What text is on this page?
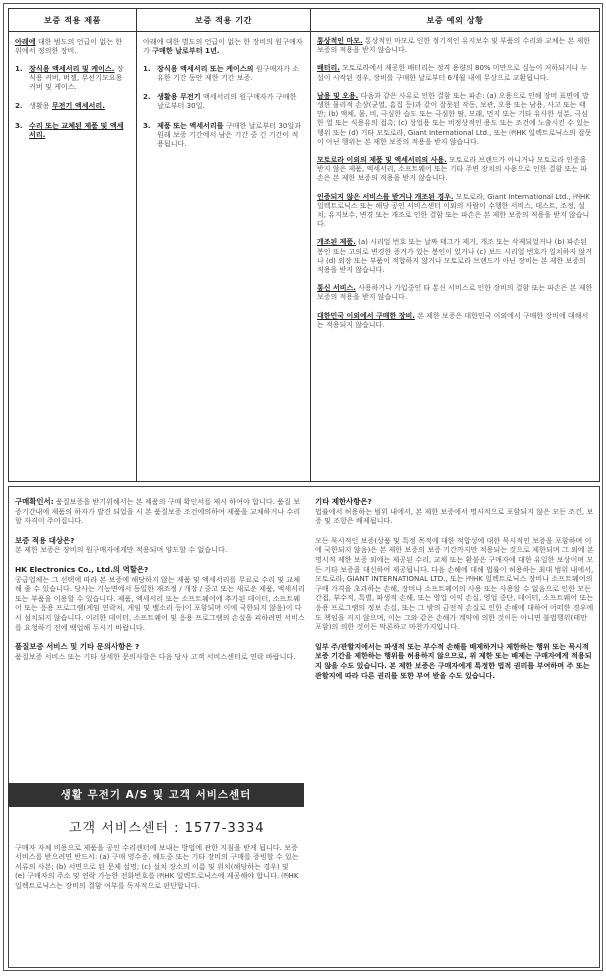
보증 적용 제품

아래에 대한 범도의 언급이 없는 한 위에서 정의한 장비.

1. 장식용 액세서리 및 케이스. 장식용 커버, 버젤, 무선기모요용 커버 및 케이스.
2. 생활용 무전기 액세서리.
3. 수리 또는 교체된 제품 및 액세서리.
보증 적용 기간

아래에 대한 별도의 언급이 없는 한 장비의 원구매자가 구매한 날로부터 1년.

1. 장식용 액세서리 또는 케이스의 원구매자가 소유한 기간 동안 제한 기간 보증.
2. 생활용 무전기 액세서리의 원구매자가 구매한 날로부터 30일.
3. 제품 또는 액세서리를 구매한 날로부터 30일과 원래 보증 기간에서 남은 기간 중 긴 기간이 적용됩니다.
보증 예외 상황

통상적인 마모. 통상적인 마모로 인한 정기적인 유지보수 및 부품의 수리와 교체는 본 제한 보증의 적용을 받지 않습니다.

배터리. 모토로라에서 제공한 배터리는 정격 용량의 80% 미만으로 실능이 저하되거나 누설이 시작된 경우, 장비를 구매한 날로부터 6개월 내에 무상으로 교환됩니다.

남용 및 오용. 다음과 같은 사유로 인한 결함 또는 파손: (a) 오용으로 인해 장비 표면에 발생한 물리적 손상(균열, 흠집 등)과 같이 잘못된 작동, 보관, 오용 또는 남용, 사고 또는 태만; (b) 액체, 물, 비, 극심한 습도 또는 극심한 땀, 모래, 먼지 또는 기타 유사한 성분, 극심한 열 또는 식용유의 접촉; (c) 상업용 또는 비정상적인 용도 또는 조건에 노출시킨 수 있는 행위 또는 (d) 기타 모토로라, Giant International Ltd., 또는 ㈜HK 일렉트로닉스의 잘못이 아닌 행위는 본 제한 보증의 적용을 받지 않습니다.

모토로라 이외의 제품 및 액세서리의 사용. 모토로라 브랜드가 아니거나 모토로라 인증을 받지 않은 제품, 액세서리, 소프트웨어 또는 기타 주변 장치의 사용으로 인한 결함 또는 파손은 본 제한 보증의 적용을 받지 않습니다.

인증되지 않은 서비스를 받거나 개조된 경우. 모토로라, Giant International Ltd., ㈜HK 일렉트로닉스 또는 해당 공인 서비스센터 이외의 사람이 수행한 서비스, 테스트, 조정, 설치, 유지보수, 변경 또는 개조로 인한 결함 또는 파손은 본 제한 보증의 적용을 받지 않습니다.

개조된 제품. (a) 시리얼 번호 또는 날짜 태그가 제거, 개조 또는 삭제되었거나 (b) 파손된 봉인 또는 고의로 변경한 증거가 있는 봉인이 있거나 (c) 보드 시리얼 번호가 일치하지 않거나 (d) 외장 또는 부품이 적합하지 않거나 모토로라 브랜드가 아닌 장비는 본 제한 보증의 적용을 받지 않습니다.

통신 서비스. 사용하거나 가입중인 타 통신 서비스로 인한 장비의 결함 또는 파손은 본 제한 보증의 적용을 받지 않습니다.

대한민국 이외에서 구매한 장비. 본 제한 보증은 대한민국 이외에서 구매한 장비에 대해서는 적용되지 않습니다.

구매확인서: 품질보증을 받기위해서는 본 제품의 구매 확인서를 제시 하여야 합니다. 품질 보증기간내에 제품의 하자가 발견 되었을 시 본 품질보증 조건에의하여 제품을 교체하거나 수리할 자격이 주어집니다.
보증 적용 대상은?
본 제한 보증은 장비의 원구매자에게만 적용되며 양도할 수 없습니다.
HK Electronics Co., Ltd.의 역할은?
공급업체는 그 선택에 따라 본 보증에 해당하지 않는 제품 및 액세서리를 무료로 수리 및 교체해 줄 수 있습니다. 당사는 기능면에서 동일한 재조정 / 개장 / 중고 또는 새로운 제품, 액세서리 또는 부품을 이용할 수 있습니다. 제품, 액세서리 또는 소프트웨어에 추가된 데이터, 소프트웨어 또는 응용 프로그램(게임 연락처, 게임 및 벨소리 등)이 포함되며 이에 국한되지 않음)이 다시 설치되지 않습니다. 이러한 데이터, 소프트웨어 및 응용 프로그램의 손실을 피하려면 서비스를 요청하기 전에 백업해 두시기 바랍니다.
품질보증 서비스 및 기타 문의사항은 ?
품질보증 서비스 또는 기타 상세한 문의사항은 다음 당사 고객 서비스센터로 연락 바랍니다.
생활 무전기 A/S 및 고객 서비스센터
고객 서비스센터 : 1577-3334
구매자 자체 비용으로 제품을 공인 수리센터에 보내는 방법에 관한 지침을 받게 됩니다. 보증 서비스를 받으려면 반드시: (a) 구매 영수증, 해도중 또는 기타 장비의 구매를 증빙할 수 있는 서류의 사본; (b) 서면으로 된 문제 설명; (c) 설치 장소의 이름 및 위치(해당하는 경우) 및 (e) 구매자의 주소 및 연락 가능한 전화번호를 ㈜HK 일렉트로닉스에 제공해야 합니다. ㈜HK 일렉트로닉스는 장비의 결함 여부를 독자적으로 판단합니다.
기타 제한사항은?
법률에서 허용하는 범위 내에서, 본 제한 보증에서 명시적으로 포함되지 않은 모든 조건, 보증 및 조항은 배제됩니다.
모든 묵시적인 보증(상품 및 특정 목적에 대한 적합성에 대한 묵시적인 보증을 포함하며 이에 국한되지 않음)은 본 제한 보증의 보증 기간까지만 적용되는 것으로 제한되며 그 외에 본 명시적 제한 보증 외에는 제공된 수리, 교체 또는 환불은 구매자에 대한 유일한 보상이며 모든 기타 보증을 대신하여 제공됩니다. 다음 손해에 대해 법률이 허용하는 최대 범위 내에서, 모토로라, GIANT INTERNATIONAL LTD., 또는 ㈜HK 일렉트로닉스 장비나 소프트웨어의 구매 가격을 초과하는 손해, 장비나 소프트웨어의 사용 또는 사용할 수 없음으로 인한 모든 간접, 부수적, 특별, 파생적 손해, 또는 영업 이익 손실, 영업 중단, 데이터, 소프트웨어 또는 응용 프로그램의 정보 손실, 또는 그 밖의 금전적 손실로 인한 손해에 대하여 어떠한 경우에도 책임을 지지 않으며, 이는 그와 같은 손해가 계약에 의한 것이든 아니면 불법행위(태만 포함)의 의한 것이든 막론하고 마찬가지입니다.
일부 주/관할지에서는 파생적 또는 부수적 손해를 배제하거나 제한하는 행위 또는 묵시적 보증 기간을 제한하는 행위를 허용하지 않으므로, 위 제한 또는 배제는 구매자에게 적용되지 않을 수도 있습니다. 본 제한 보증은 구매자에게 특정한 법적 권리를 부여하며 주 또는 관할지에 따라 다른 권리를 또한 부여 받을 수도 있습니다.
